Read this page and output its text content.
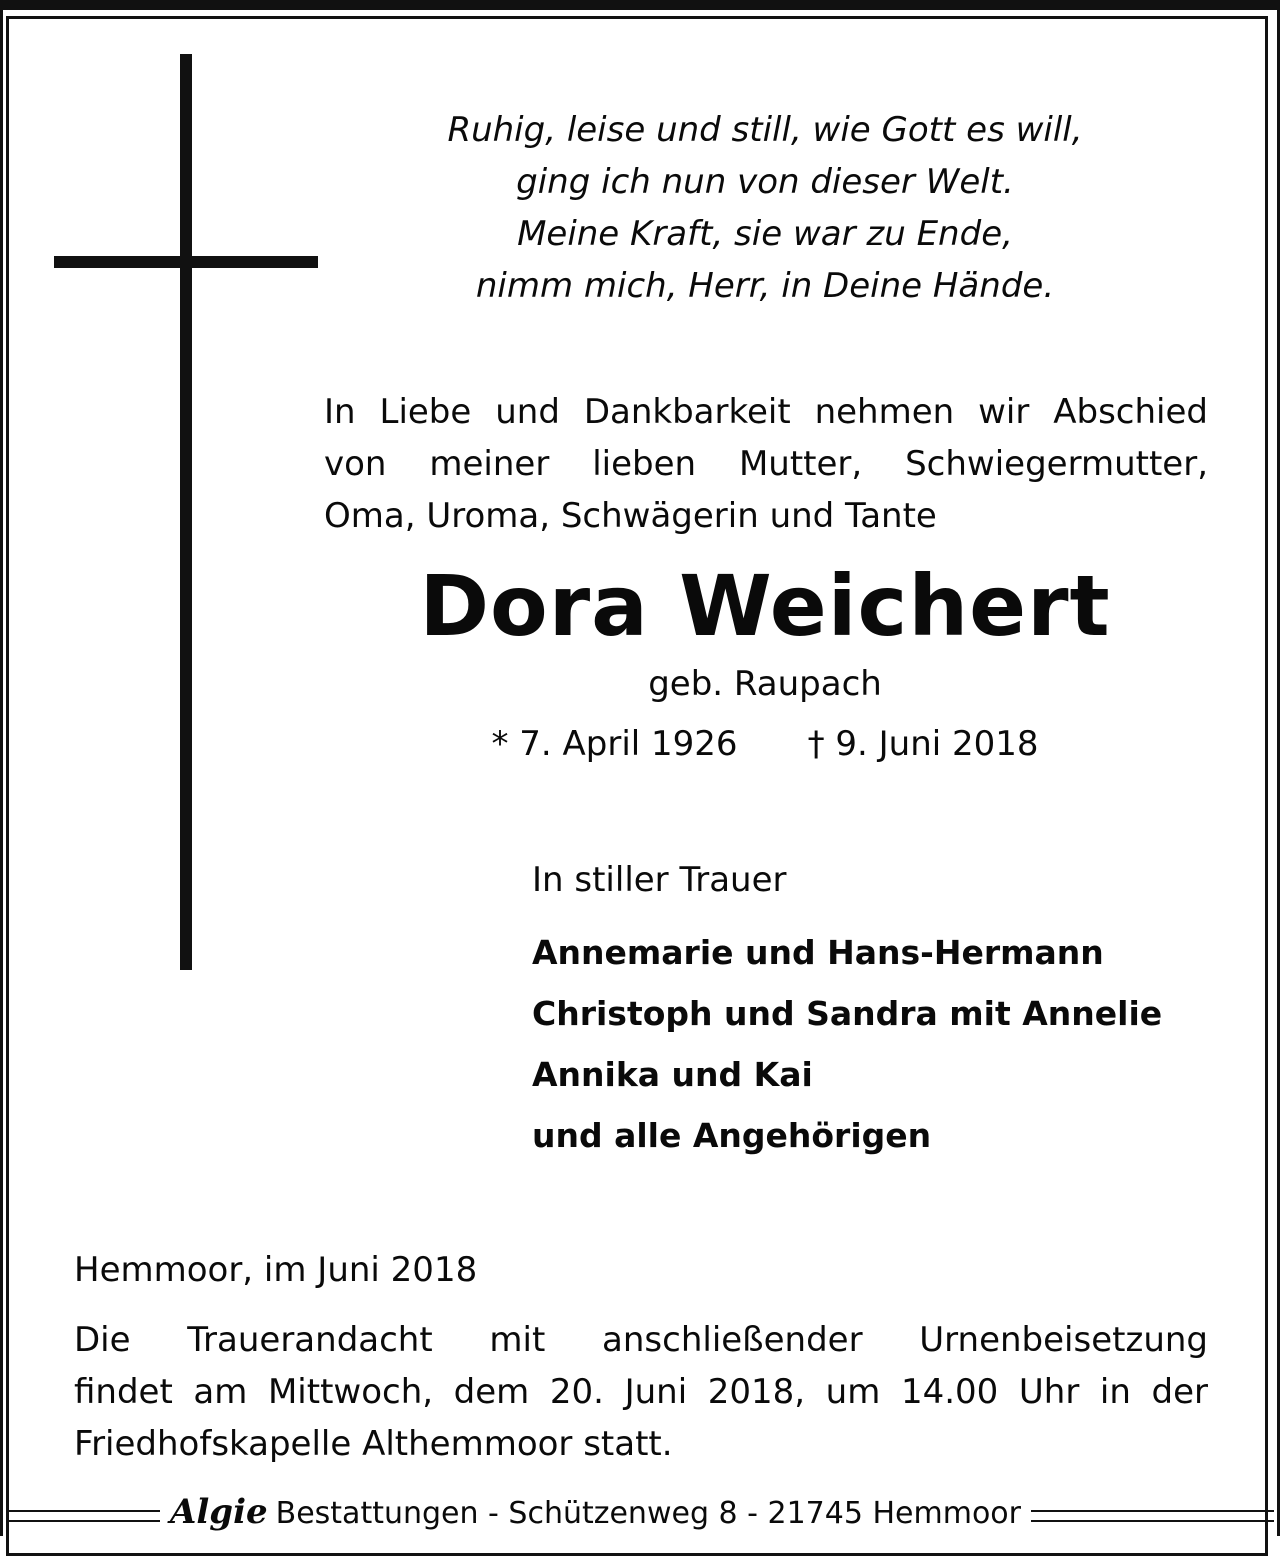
Ruhig, leise und still, wie Gott es will,
ging ich nun von dieser Welt.
Meine Kraft, sie war zu Ende,
nimm mich, Herr, in Deine Hände.
In Liebe und Dankbarkeit nehmen wir Abschied
von meiner lieben Mutter, Schwiegermutter,
Oma, Uroma, Schwägerin und Tante
Dora Weichert
geb. Raupach
* 7. April 1926 † 9. Juni 2018
In stiller Trauer
Annemarie und Hans-Hermann
Christoph und Sandra mit Annelie
Annika und Kai
und alle Angehörigen
Hemmoor, im Juni 2018
Die Trauerandacht mit anschließender Urnenbeisetzung
findet am Mittwoch, dem 20. Juni 2018, um 14.00 Uhr in der
Friedhofskapelle Althemmoor statt.
Algie Bestattungen - Schützenweg 8 - 21745 Hemmoor
